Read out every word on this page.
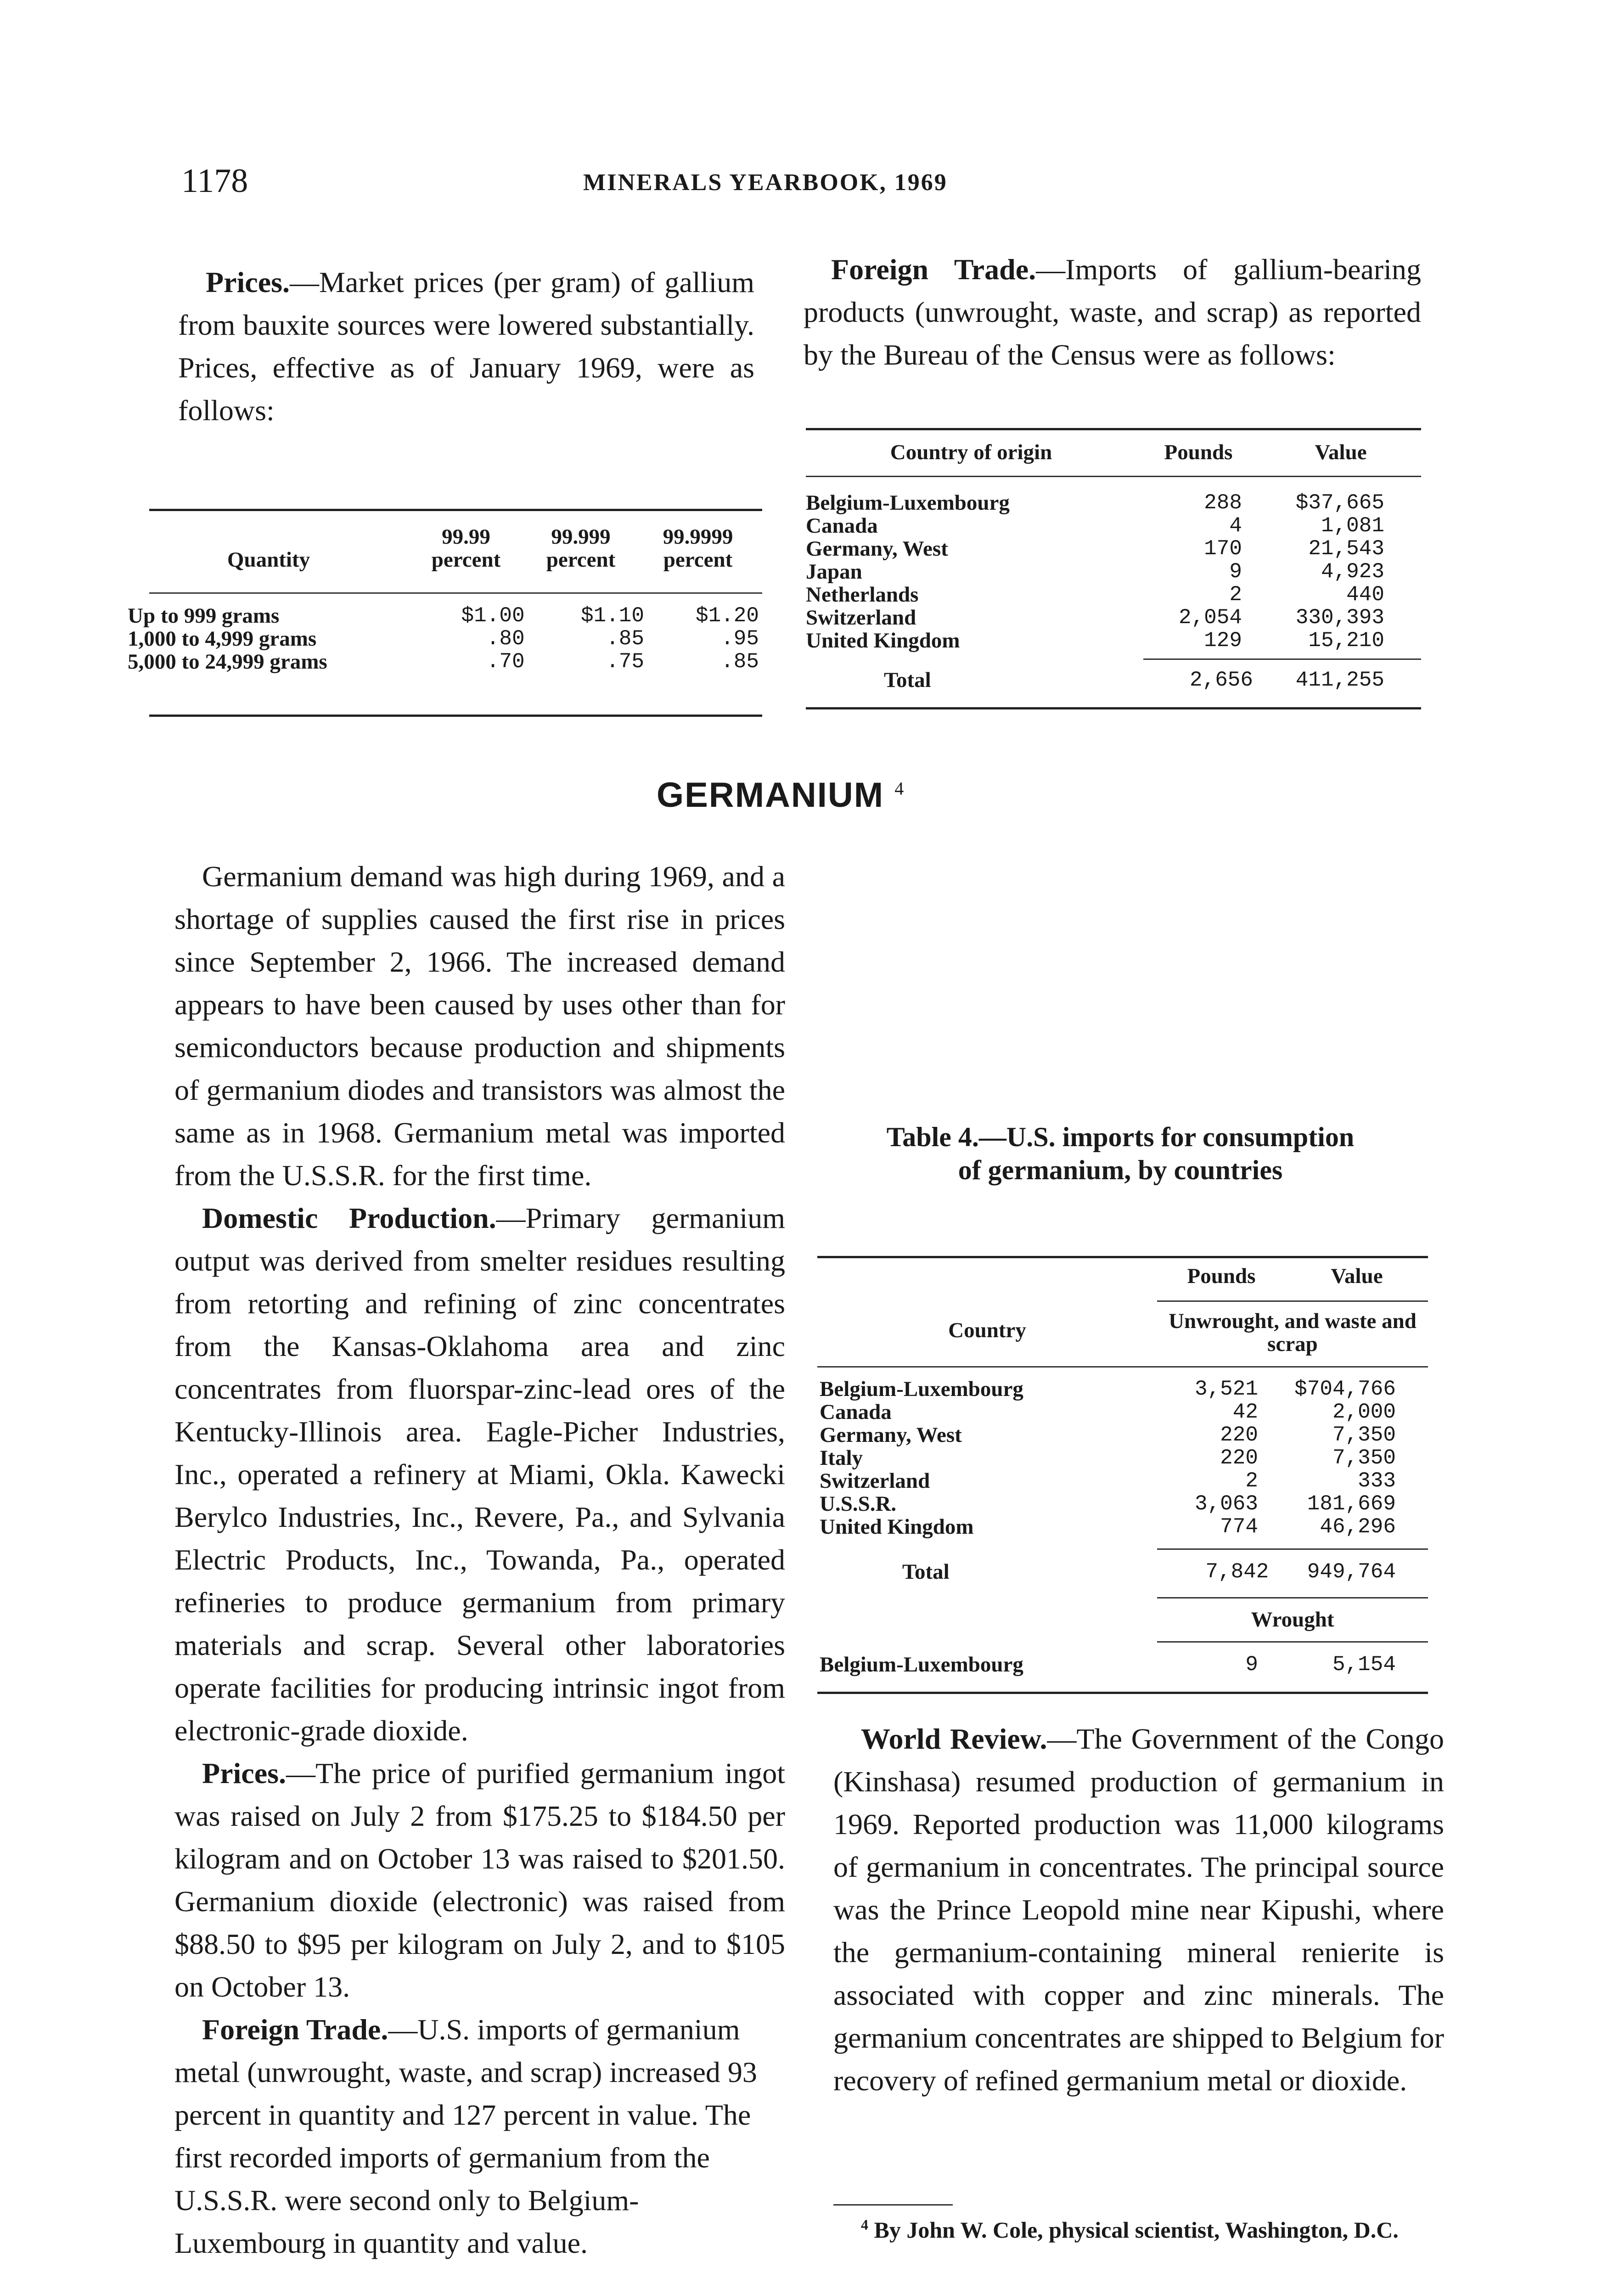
1178	MINERALS YEARBOOK, 1969

Prices.—Market prices (per gram) of gallium from bauxite sources were lowered substantially. Prices, effective as of January 1969, were as follows:

Quantity	99.99 percent	99.999 percent	99.9999 percent
Up to 999 grams	$1.00	$1.10	$1.20
1,000 to 4,999 grams	.80	.85	.95
5,000 to 24,999 grams	.70	.75	.85

Foreign Trade.—Imports of gallium-bearing products (unwrought, waste, and scrap) as reported by the Bureau of the Census were as follows:

Country of origin	Pounds	Value
Belgium-Luxembourg	288	$37,665
Canada	4	1,081
Germany, West	170	21,543
Japan	9	4,923
Netherlands	2	440
Switzerland	2,054	330,393
United Kingdom	129	15,210
Total	2,656	411,255
GERMANIUM $^4$

Germanium demand was high during 1969, and a shortage of supplies caused the first rise in prices since September 2, 1966. The increased demand appears to have been caused by uses other than for semiconductors because production and shipments of germanium diodes and transistors was almost the same as in 1968. Germanium metal was imported from the U.S.S.R. for the first time.

Domestic Production.—Primary germanium output was derived from smelter residues resulting from retorting and refining of zinc concentrates from the Kansas-Oklahoma area and zinc concentrates from fluorspar-zinc-lead ores of the Kentucky-Illinois area. Eagle-Picher Industries, Inc., operated a refinery at Miami, Okla. Kawecki Berylco Industries, Inc., Revere, Pa., and Sylvania Electric Products, Inc., Towanda, Pa., operated refineries to produce germanium from primary materials and scrap. Several other laboratories operate facilities for producing intrinsic ingot from electronic-grade dioxide.

Prices.—The price of purified germanium ingot was raised on July 2 from $175.25 to $184.50 per kilogram and on October 13 was raised to $201.50. Germanium dioxide (electronic) was raised from $88.50 to $95 per kilogram on July 2, and to $105 on October 13.

Foreign Trade.—U.S. imports of germanium metal (unwrought, waste, and scrap) increased 93 percent in quantity and 127 percent in value. The first recorded imports of germanium from the U.S.S.R. were second only to Belgium-Luxembourg in quantity and value.

Table 4.—U.S. imports for consumption
of germanium, by countries
Pounds	Value
Country	Unwrought, and waste and scrap
Belgium-Luxembourg	3,521	$704,766
Canada	42	2,000
Germany, West	220	7,350
Italy	220	7,350
Switzerland	2	333
U.S.S.R.	3,063	181,669
United Kingdom	774	46,296
Total	7,842	949,764
Wrought
Belgium-Luxembourg	9	5,154

World Review.—The Government of the Congo (Kinshasa) resumed production of germanium in 1969. Reported production was 11,000 kilograms of germanium in concentrates. The principal source was the Prince Leopold mine near Kipushi, where the germanium-containing mineral renierite is associated with copper and zinc minerals. The germanium concentrates are shipped to Belgium for recovery of refined germanium metal or dioxide.

$^4$ By John W. Cole, physical scientist, Washington, D.C.
